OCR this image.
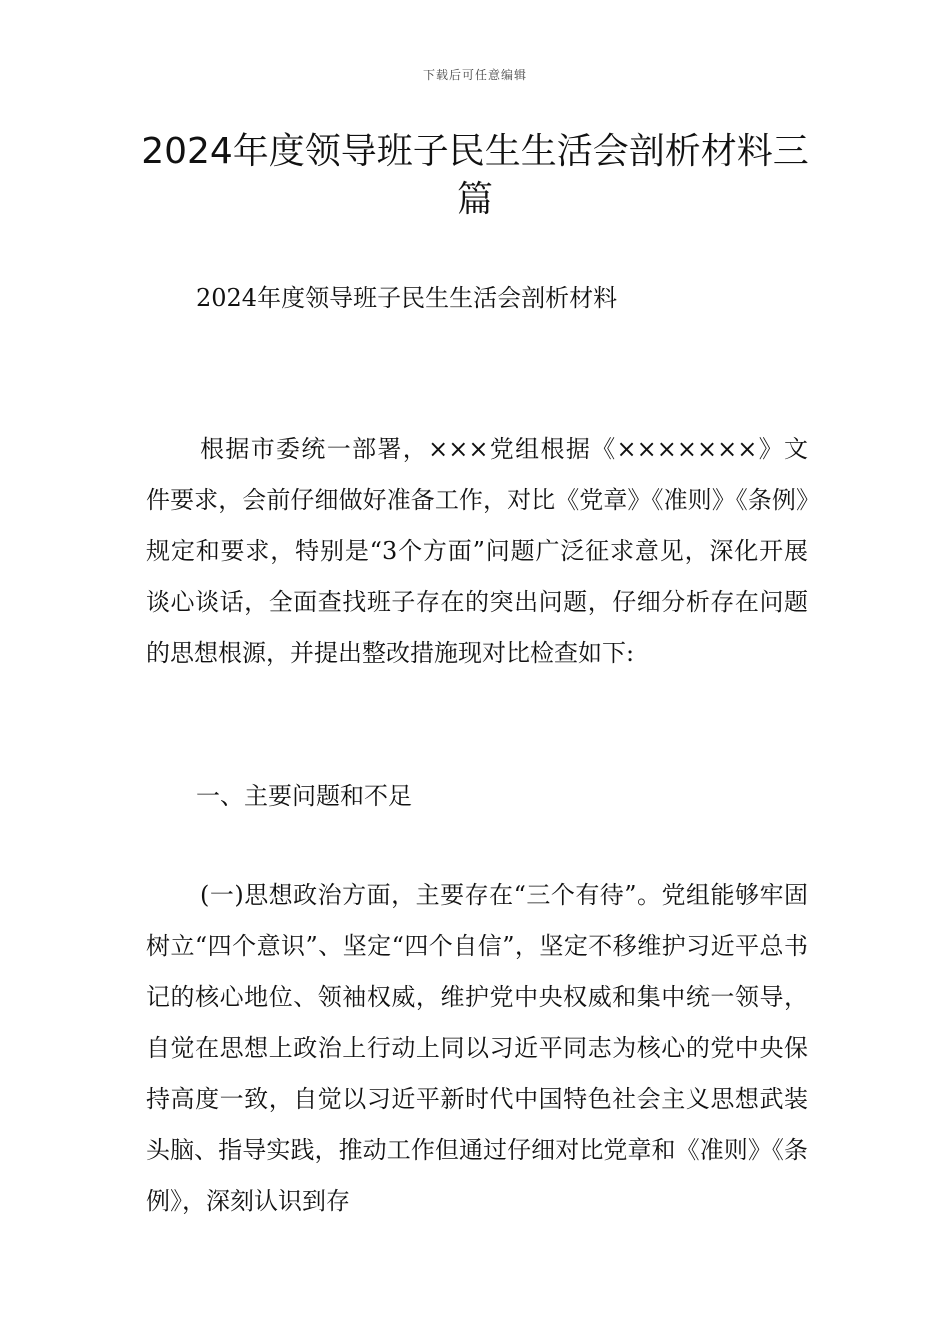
下载后可任意编辑
2024年度领导班子民生生活会剖析材料三篇
2024年度领导班子民生生活会剖析材料

根据市委统一部署，×××党组根据《×××××××》文件要求，会前仔细做好准备工作，对比《党章》《准则》《条例》规定和要求，特别是“3个方面”问题广泛征求意见，深化开展谈心谈话，全面查找班子存在的突出问题，仔细分析存在问题的思想根源，并提出整改措施现对比检查如下:

一、主要问题和不足

(一)思想政治方面，主要存在“三个有待”。党组能够牢固树立“四个意识”、坚定“四个自信”，坚定不移维护习近平总书记的核心地位、领袖权威，维护党中央权威和集中统一领导，自觉在思想上政治上行动上同以习近平同志为核心的党中央保持高度一致，自觉以习近平新时代中国特色社会主义思想武装头脑、指导实践，推动工作但通过仔细对比党章和《准则》《条例》，深刻认识到存
